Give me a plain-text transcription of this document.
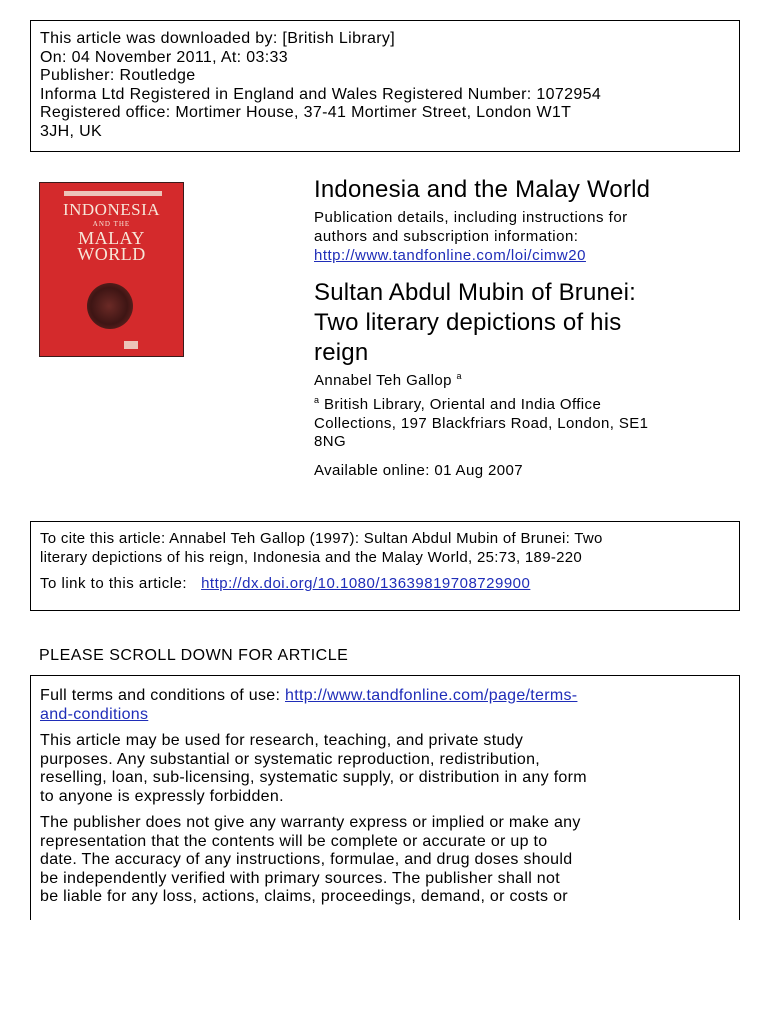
This article was downloaded by: [British Library]
On: 04 November 2011, At: 03:33
Publisher: Routledge
Informa Ltd Registered in England and Wales Registered Number: 1072954
Registered office: Mortimer House, 37-41 Mortimer Street, London W1T
3JH, UK
INDONESIA
AND THE
MALAY
WORLD
Indonesia and the Malay World
Publication details, including instructions for
authors and subscription information:
http://www.tandfonline.com/loi/cimw20
Sultan Abdul Mubin of Brunei:
Two literary depictions of his
reign
Annabel Teh Gallop $^a$
$^a$ British Library, Oriental and India Office
Collections, 197 Blackfriars Road, London, SE1
8NG
Available online: 01 Aug 2007
To cite this article: Annabel Teh Gallop (1997): Sultan Abdul Mubin of Brunei: Two
literary depictions of his reign, Indonesia and the Malay World, 25:73, 189-220
To link to this article: http://dx.doi.org/10.1080/13639819708729900
PLEASE SCROLL DOWN FOR ARTICLE
Full terms and conditions of use: http://www.tandfonline.com/page/terms-
and-conditions
This article may be used for research, teaching, and private study
purposes. Any substantial or systematic reproduction, redistribution,
reselling, loan, sub-licensing, systematic supply, or distribution in any form
to anyone is expressly forbidden.
The publisher does not give any warranty express or implied or make any
representation that the contents will be complete or accurate or up to
date. The accuracy of any instructions, formulae, and drug doses should
be independently verified with primary sources. The publisher shall not
be liable for any loss, actions, claims, proceedings, demand, or costs or
